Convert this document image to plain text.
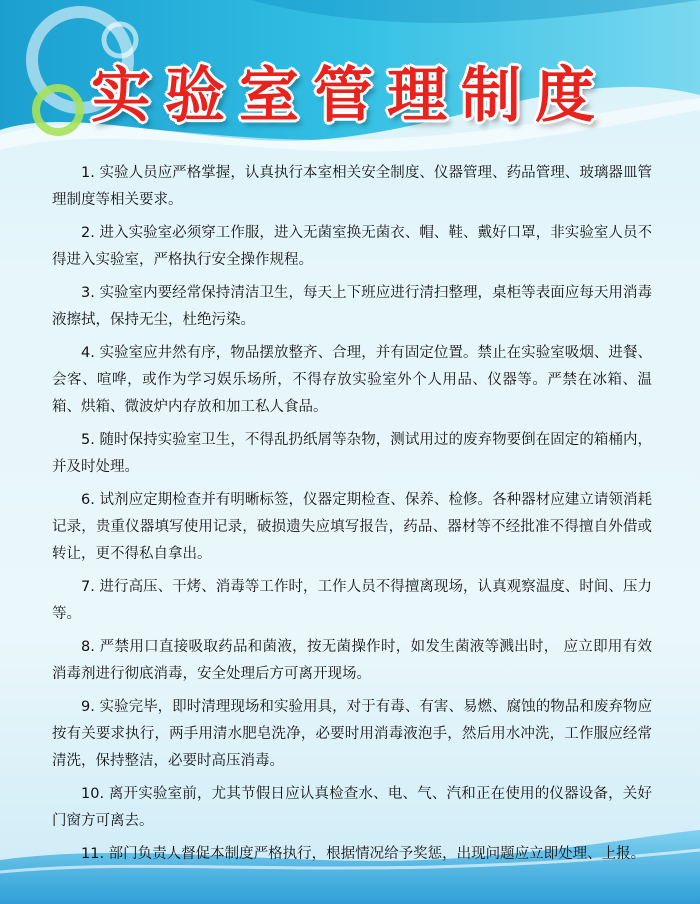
实验室管理制度

1. 实验人员应严格掌握，认真执行本室相关安全制度、仪器管理、药品管理、玻璃器皿管理制度等相关要求。

2. 进入实验室必须穿工作服，进入无菌室换无菌衣、帽、鞋、戴好口罩，非实验室人员不得进入实验室，严格执行安全操作规程。

3. 实验室内要经常保持清洁卫生，每天上下班应进行清扫整理，桌柜等表面应每天用消毒液擦拭，保持无尘，杜绝污染。

4. 实验室应井然有序，物品摆放整齐、合理，并有固定位置。禁止在实验室吸烟、进餐、会客、喧哗，或作为学习娱乐场所，不得存放实验室外个人用品、仪器等。严禁在冰箱、温箱、烘箱、微波炉内存放和加工私人食品。

5. 随时保持实验室卫生，不得乱扔纸屑等杂物，测试用过的废弃物要倒在固定的箱桶内，并及时处理。

6. 试剂应定期检查并有明晰标签，仪器定期检查、保养、检修。各种器材应建立请领消耗记录，贵重仪器填写使用记录，破损遗失应填写报告，药品、器材等不经批准不得擅自外借或转让，更不得私自拿出。

7. 进行高压、干烤、消毒等工作时，工作人员不得擅离现场，认真观察温度、时间、压力等。

8. 严禁用口直接吸取药品和菌液，按无菌操作时，如发生菌液等溅出时， 应立即用有效消毒剂进行彻底消毒，安全处理后方可离开现场。

9. 实验完毕，即时清理现场和实验用具，对于有毒、有害、易燃、腐蚀的物品和废弃物应按有关要求执行，两手用清水肥皂洗净，必要时用消毒液泡手，然后用水冲洗，工作服应经常清洗，保持整洁，必要时高压消毒。

10. 离开实验室前，尤其节假日应认真检查水、电、气、汽和正在使用的仪器设备，关好门窗方可离去。

11. 部门负责人督促本制度严格执行，根据情况给予奖惩，出现问题应立即处理、上报。
